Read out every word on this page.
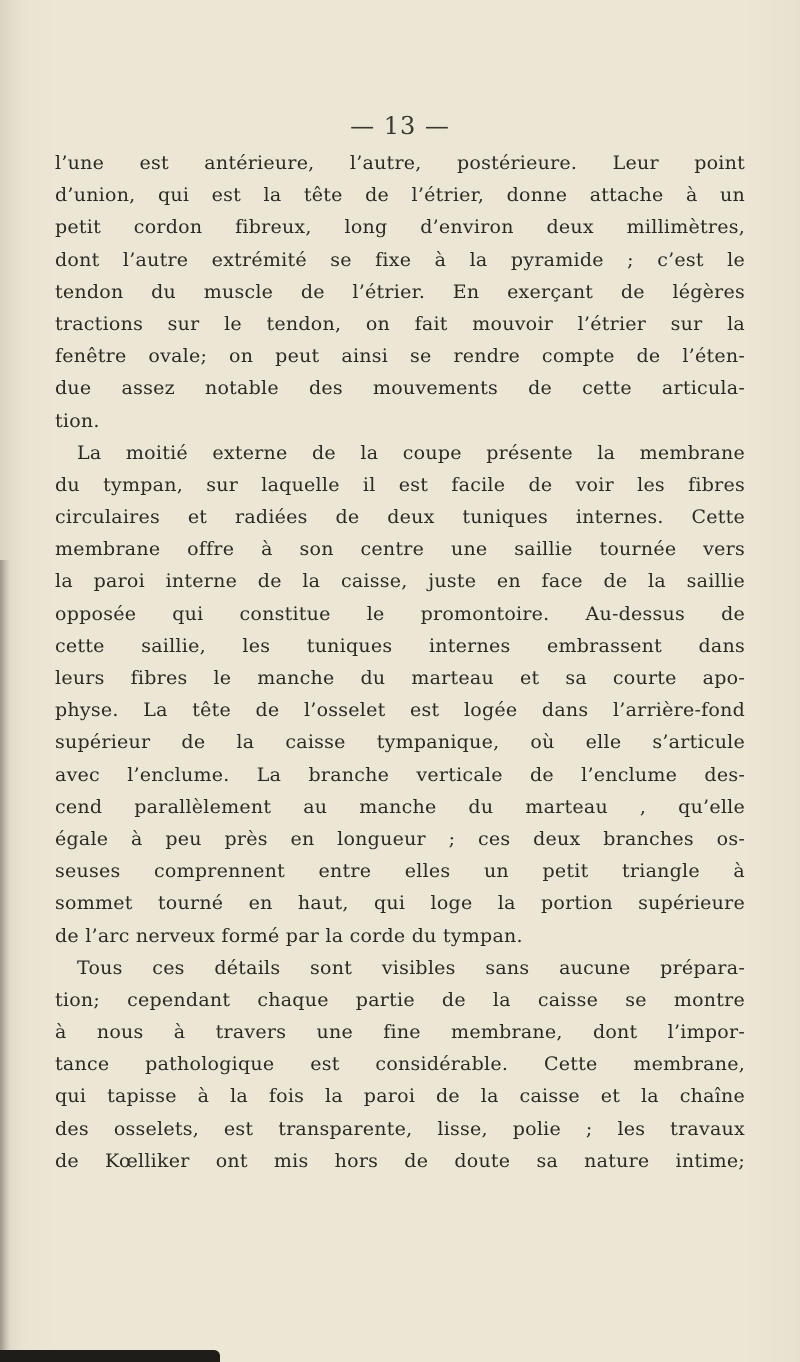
— 13 —
l’une est antérieure, l’autre, postérieure. Leur point
d’union, qui est la tête de l’étrier, donne attache à un
petit cordon fibreux, long d’environ deux millimètres,
dont l’autre extrémité se fixe à la pyramide ; c’est le
tendon du muscle de l’étrier. En exerçant de légères
tractions sur le tendon, on fait mouvoir l’étrier sur la
fenêtre ovale; on peut ainsi se rendre compte de l’éten-
due assez notable des mouvements de cette articula-
tion.
La moitié externe de la coupe présente la membrane
du tympan, sur laquelle il est facile de voir les fibres
circulaires et radiées de deux tuniques internes. Cette
membrane offre à son centre une saillie tournée vers
la paroi interne de la caisse, juste en face de la saillie
opposée qui constitue le promontoire. Au-dessus de
cette saillie, les tuniques internes embrassent dans
leurs fibres le manche du marteau et sa courte apo-
physe. La tête de l’osselet est logée dans l’arrière-fond
supérieur de la caisse tympanique, où elle s’articule
avec l’enclume. La branche verticale de l’enclume des-
cend parallèlement au manche du marteau , qu’elle
égale à peu près en longueur ; ces deux branches os-
seuses comprennent entre elles un petit triangle à
sommet tourné en haut, qui loge la portion supérieure
de l’arc nerveux formé par la corde du tympan.
Tous ces détails sont visibles sans aucune prépara-
tion; cependant chaque partie de la caisse se montre
à nous à travers une fine membrane, dont l’impor-
tance pathologique est considérable. Cette membrane,
qui tapisse à la fois la paroi de la caisse et la chaîne
des osselets, est transparente, lisse, polie ; les travaux
de Kœlliker ont mis hors de doute sa nature intime;
